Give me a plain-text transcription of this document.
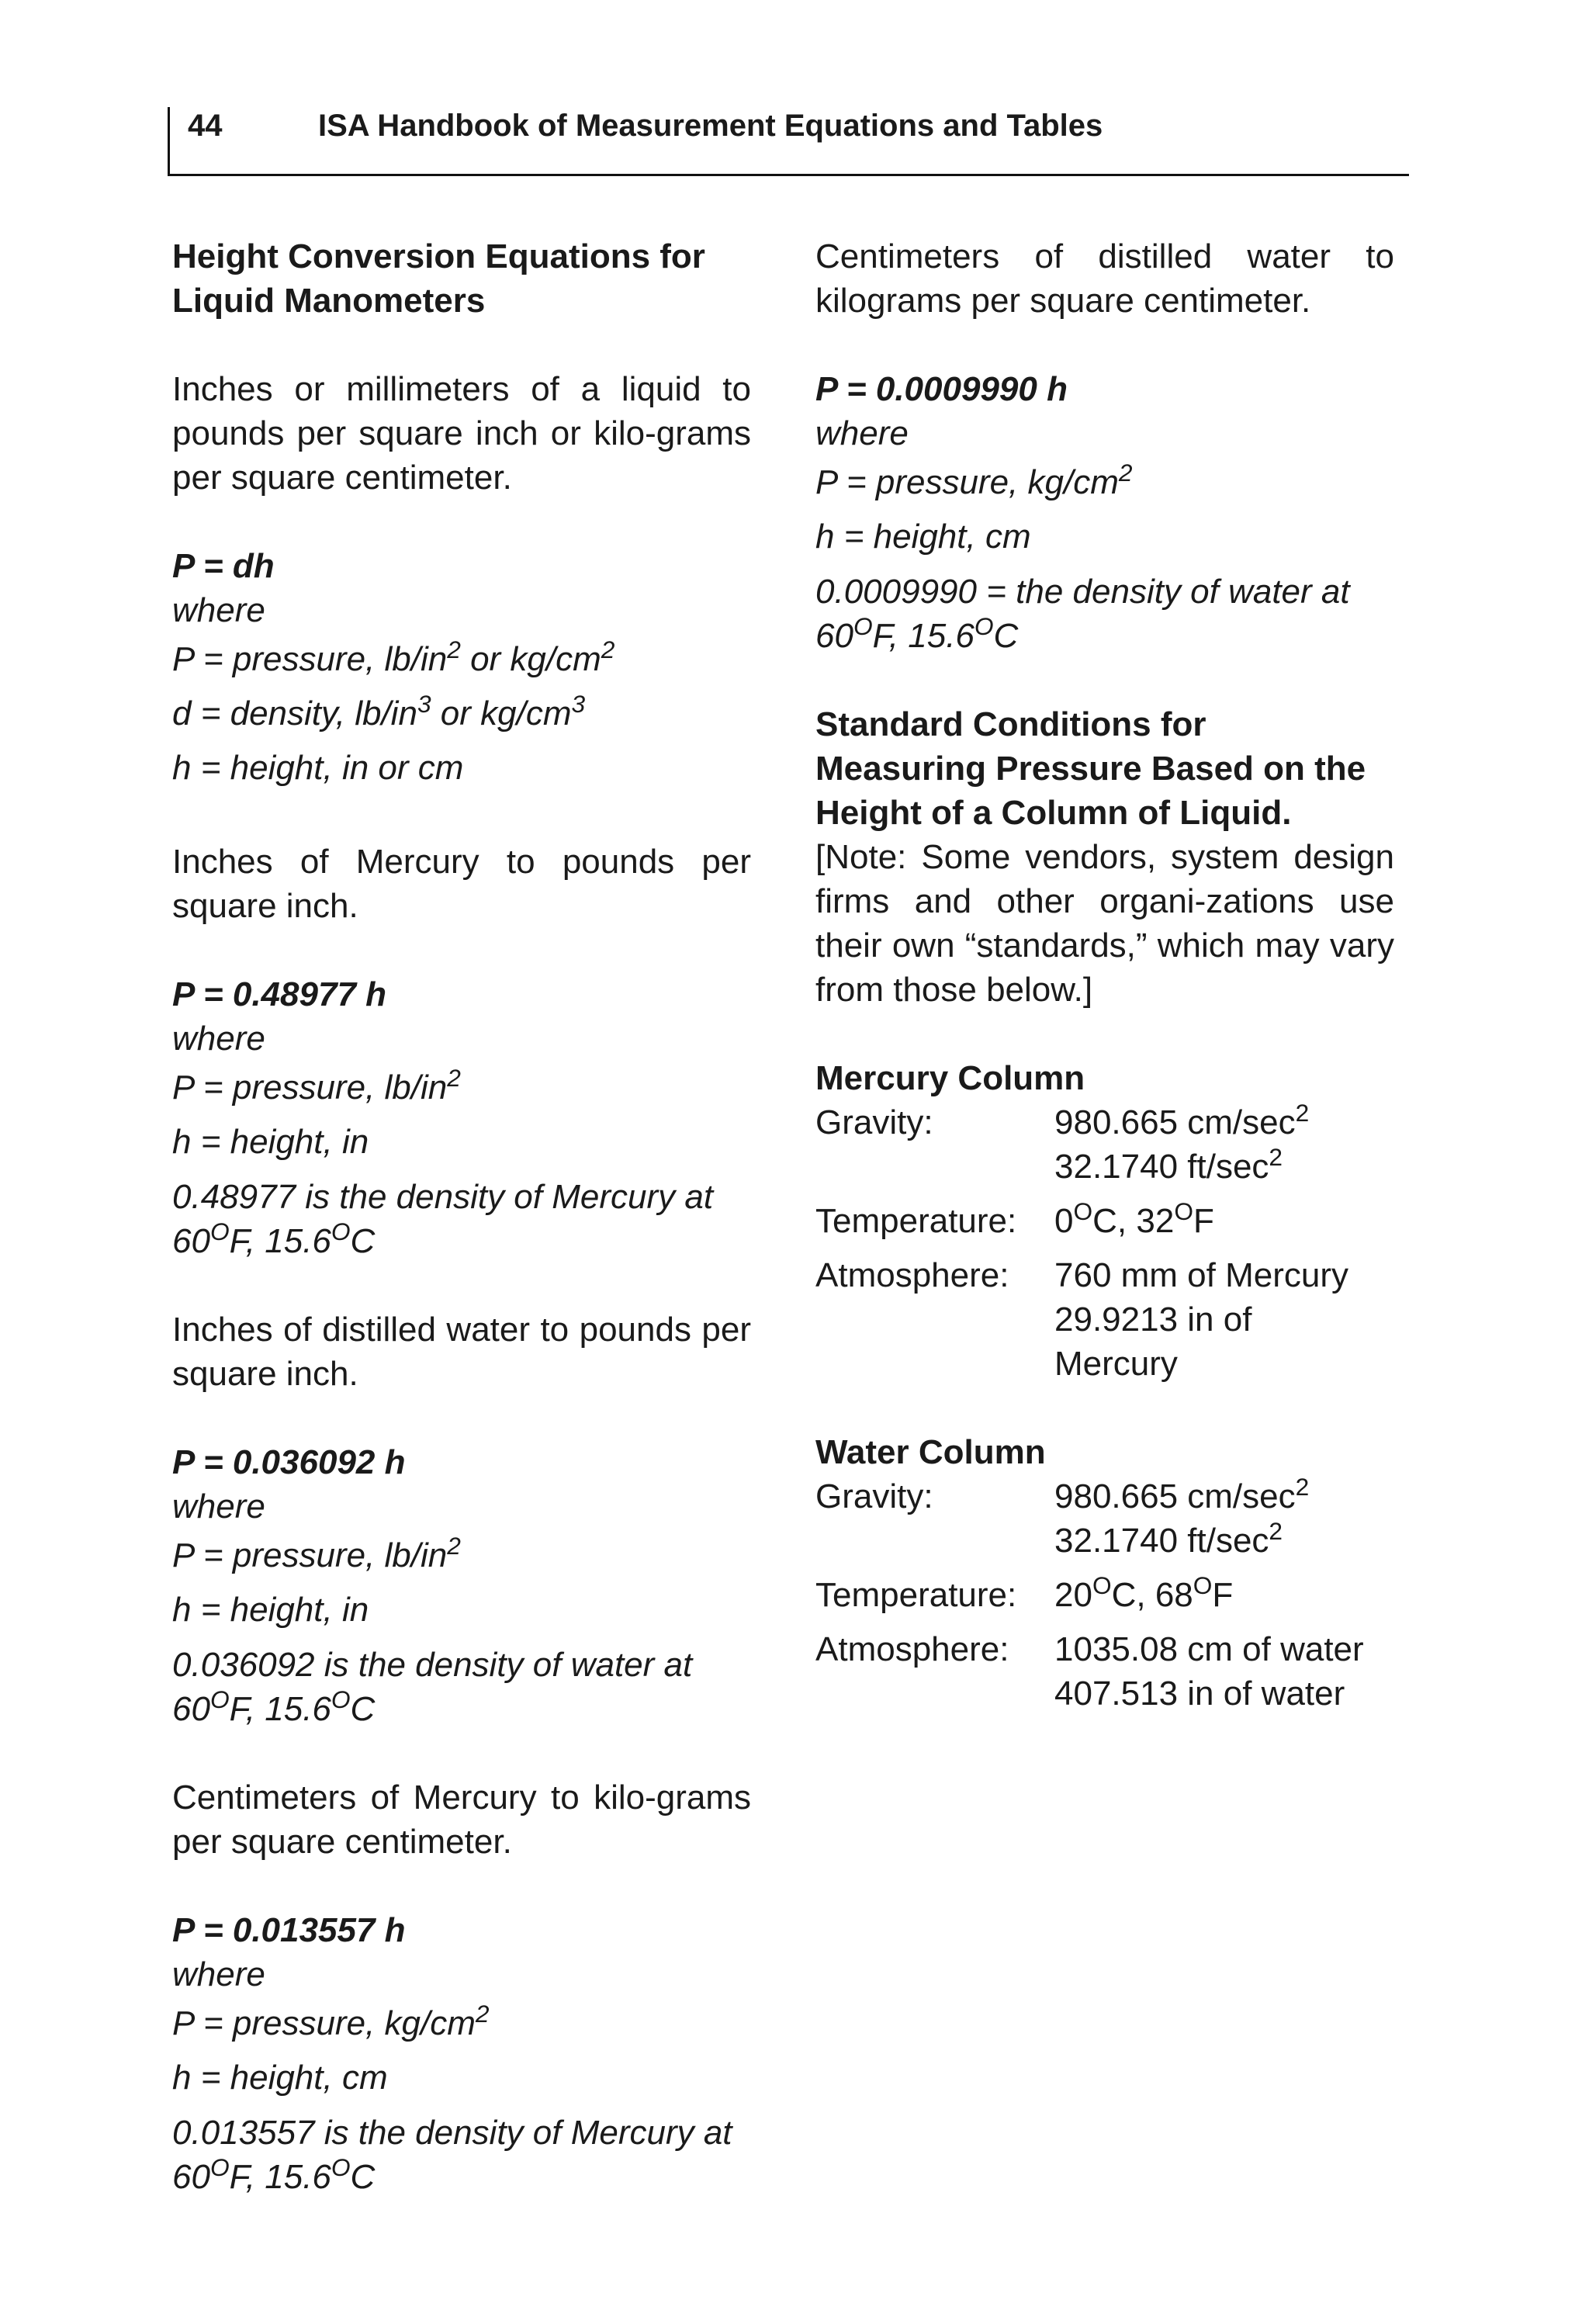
44	ISA Handbook of Measurement Equations and Tables
Height Conversion Equations for
Liquid Manometers
Inches or millimeters of a liquid to pounds per square inch or kilo-grams per square centimeter.
P = dh
where
P = pressure, $lb/in^2$ or $kg/cm^2$
d = density, $lb/in^3$ or $kg/cm^3$
h = height, in or cm
Inches of Mercury to pounds per square inch.
P = 0.48977 h
where
P = pressure, $lb/in^2$
h = height, in
0.48977 is the density of Mercury at $60^OF$, $15.6^OC$
Inches of distilled water to pounds per square inch.
P = 0.036092 h
where
P = pressure, $lb/in^2$
h = height, in
0.036092 is the density of water at $60^OF$, $15.6^OC$
Centimeters of Mercury to kilo-grams per square centimeter.
P = 0.013557 h
where
P = pressure, $kg/cm^2$
h = height, cm
0.013557 is the density of Mercury at $60^OF$, $15.6^OC$
Centimeters of distilled water to kilograms per square centimeter.
P = 0.0009990 h
where
P = pressure, $kg/cm^2$
h = height, cm
0.0009990 = the density of water at $60^OF$, $15.6^OC$
Standard Conditions for
Measuring Pressure Based on the
Height of a Column of Liquid.
[Note: Some vendors, system design firms and other organi-zations use their own “standards,” which may vary from those below.]
Mercury Column
Gravity:	980.665 $cm/\sec^2$
32.1740 $ft/\sec^2$
Temperature:	$0^OC$, $32^OF$
Atmosphere:	760 mm of Mercury
29.9213 in of
Mercury
Water Column
Gravity:	980.665 $cm/\sec^2$
32.1740 $ft/\sec^2$
Temperature:	$20^OC$, $68^OF$
Atmosphere:	1035.08 cm of water
407.513 in of water
